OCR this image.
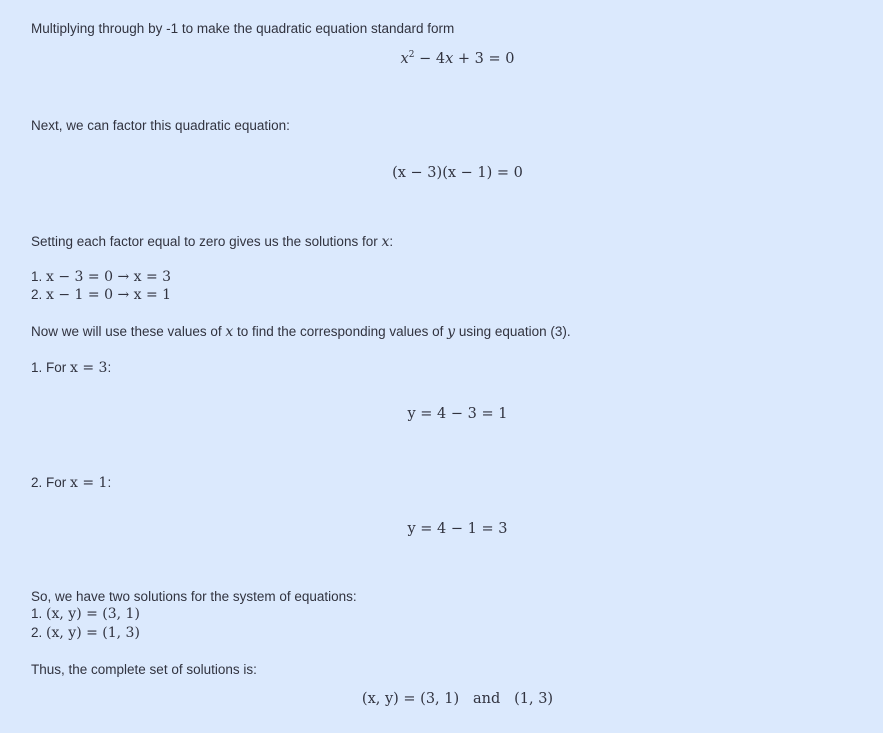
Multiplying through by -1 to make the quadratic equation standard form
$x^2 - 4x + 3 = 0$
Next, we can factor this quadratic equation:
(x − 3)(x − 1) = 0
Setting each factor equal to zero gives us the solutions for x:
1. x − 3 = 0 → x = 3
2. x − 1 = 0 → x = 1
Now we will use these values of x to find the corresponding values of y using equation (3).
1. For x = 3:
y = 4 − 3 = 1
2. For x = 1:
y = 4 − 1 = 3
So, we have two solutions for the system of equations:
1. (x, y) = (3, 1)
2. (x, y) = (1, 3)
Thus, the complete set of solutions is:
(x, y) = (3, 1) and (1, 3)
